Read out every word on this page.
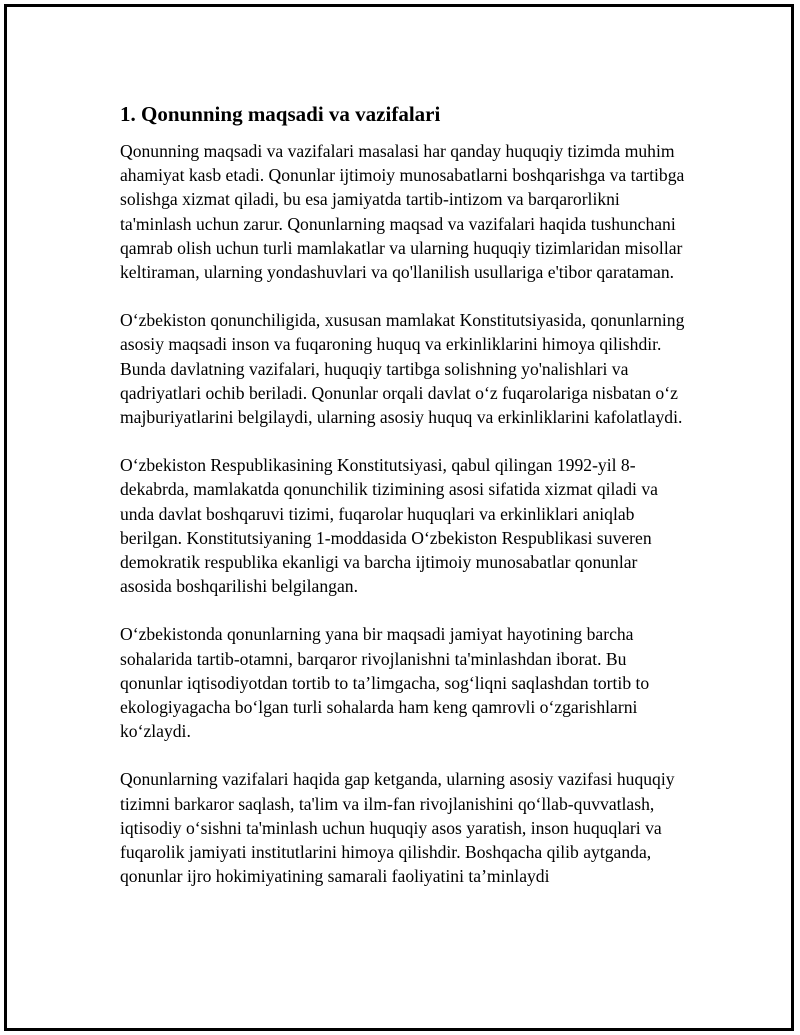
1. Qonunning maqsadi va vazifalari

Qonunning maqsadi va vazifalari masalasi har qanday huquqiy tizimda muhim ahamiyat kasb etadi. Qonunlar ijtimoiy munosabatlarni boshqarishga va tartibga solishga xizmat qiladi, bu esa jamiyatda tartib-intizom va barqarorlikni ta'minlash uchun zarur. Qonunlarning maqsad va vazifalari haqida tushunchani qamrab olish uchun turli mamlakatlar va ularning huquqiy tizimlaridan misollar keltiraman, ularning yondashuvlari va qo'llanilish usullariga e'tibor qarataman.

O‘zbekiston qonunchiligida, xususan mamlakat Konstitutsiyasida, qonunlarning asosiy maqsadi inson va fuqaroning huquq va erkinliklarini himoya qilishdir. Bunda davlatning vazifalari, huquqiy tartibga solishning yo'nalishlari va qadriyatlari ochib beriladi. Qonunlar orqali davlat o‘z fuqarolariga nisbatan o‘z majburiyatlarini belgilaydi, ularning asosiy huquq va erkinliklarini kafolatlaydi.

O‘zbekiston Respublikasining Konstitutsiyasi, qabul qilingan 1992-yil 8-dekabrda, mamlakatda qonunchilik tizimining asosi sifatida xizmat qiladi va unda davlat boshqaruvi tizimi, fuqarolar huquqlari va erkinliklari aniqlab berilgan. Konstitutsiyaning 1-moddasida O‘zbekiston Respublikasi suveren demokratik respublika ekanligi va barcha ijtimoiy munosabatlar qonunlar asosida boshqarilishi belgilangan.

O‘zbekistonda qonunlarning yana bir maqsadi jamiyat hayotining barcha sohalarida tartib-otamni, barqaror rivojlanishni ta'minlashdan iborat. Bu qonunlar iqtisodiyotdan tortib to ta’limgacha, sog‘liqni saqlashdan tortib to ekologiyagacha bo‘lgan turli sohalarda ham keng qamrovli o‘zgarishlarni ko‘zlaydi.

Qonunlarning vazifalari haqida gap ketganda, ularning asosiy vazifasi huquqiy tizimni barkaror saqlash, ta'lim va ilm-fan rivojlanishini qo‘llab-quvvatlash, iqtisodiy o‘sishni ta'minlash uchun huquqiy asos yaratish, inson huquqlari va fuqarolik jamiyati institutlarini himoya qilishdir. Boshqacha qilib aytganda, qonunlar ijro hokimiyatining samarali faoliyatini ta’minlaydi
